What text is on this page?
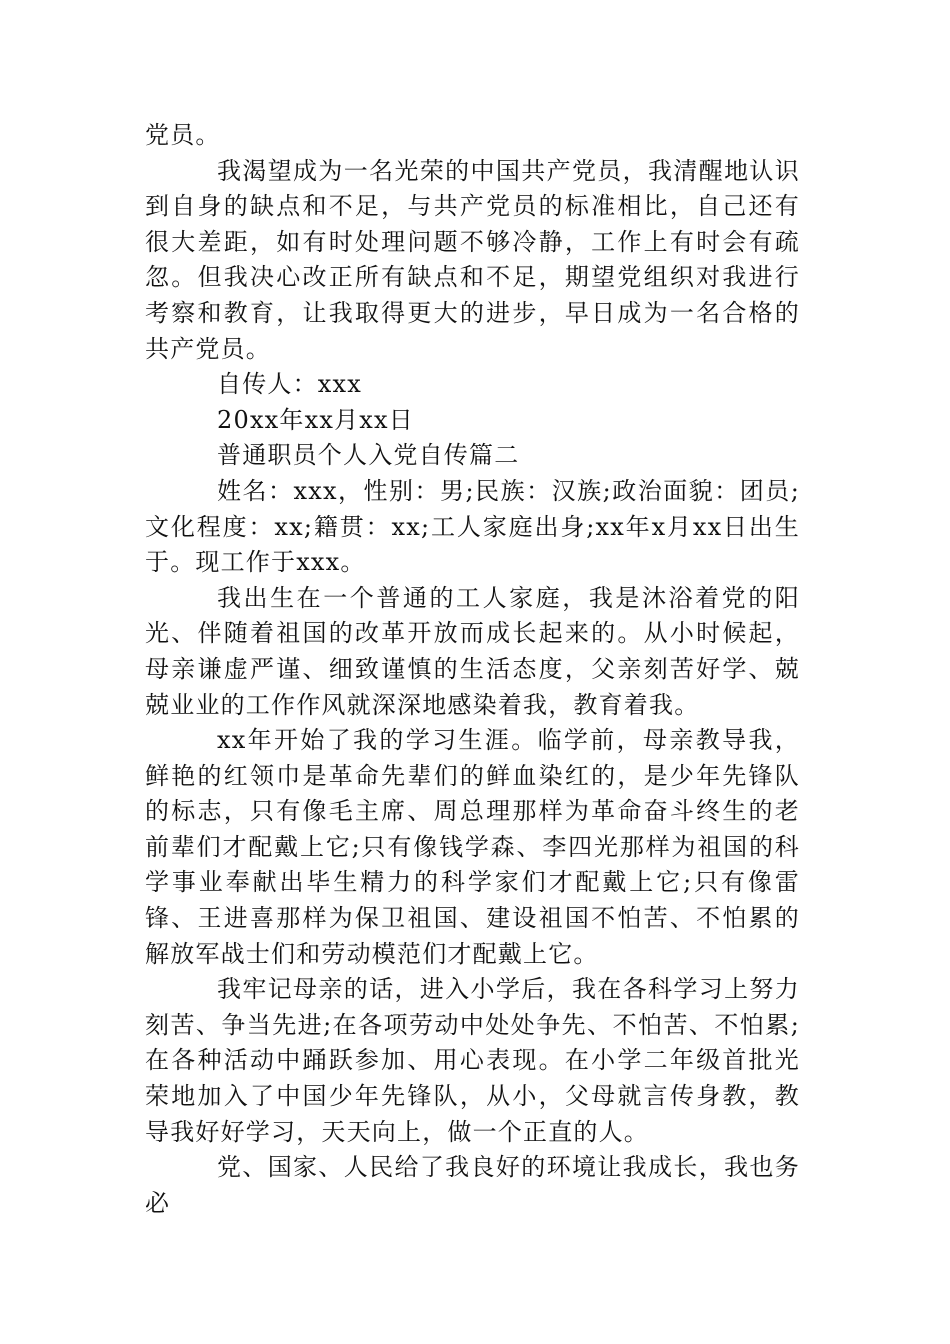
党员。

我渴望成为一名光荣的中国共产党员，我清醒地认识到自身的缺点和不足，与共产党员的标准相比，自己还有很大差距，如有时处理问题不够冷静，工作上有时会有疏忽。但我决心改正所有缺点和不足，期望党组织对我进行考察和教育，让我取得更大的进步，早日成为一名合格的共产党员。

自传人：xxx

20xx年xx月xx日

普通职员个人入党自传篇二

姓名：xxx，性别：男;民族：汉族;政治面貌：团员;文化程度：xx;籍贯：xx;工人家庭出身;xx年x月xx日出生于。现工作于xxx。

我出生在一个普通的工人家庭，我是沐浴着党的阳光、伴随着祖国的改革开放而成长起来的。从小时候起，母亲谦虚严谨、细致谨慎的生活态度，父亲刻苦好学、兢兢业业的工作作风就深深地感染着我，教育着我。

xx年开始了我的学习生涯。临学前，母亲教导我，鲜艳的红领巾是革命先辈们的鲜血染红的，是少年先锋队的标志，只有像毛主席、周总理那样为革命奋斗终生的老前辈们才配戴上它;只有像钱学森、李四光那样为祖国的科学事业奉献出毕生精力的科学家们才配戴上它;只有像雷锋、王进喜那样为保卫祖国、建设祖国不怕苦、不怕累的解放军战士们和劳动模范们才配戴上它。

我牢记母亲的话，进入小学后，我在各科学习上努力刻苦、争当先进;在各项劳动中处处争先、不怕苦、不怕累;在各种活动中踊跃参加、用心表现。在小学二年级首批光荣地加入了中国少年先锋队，从小，父母就言传身教，教导我好好学习，天天向上，做一个正直的人。

党、国家、人民给了我良好的环境让我成长，我也务必
